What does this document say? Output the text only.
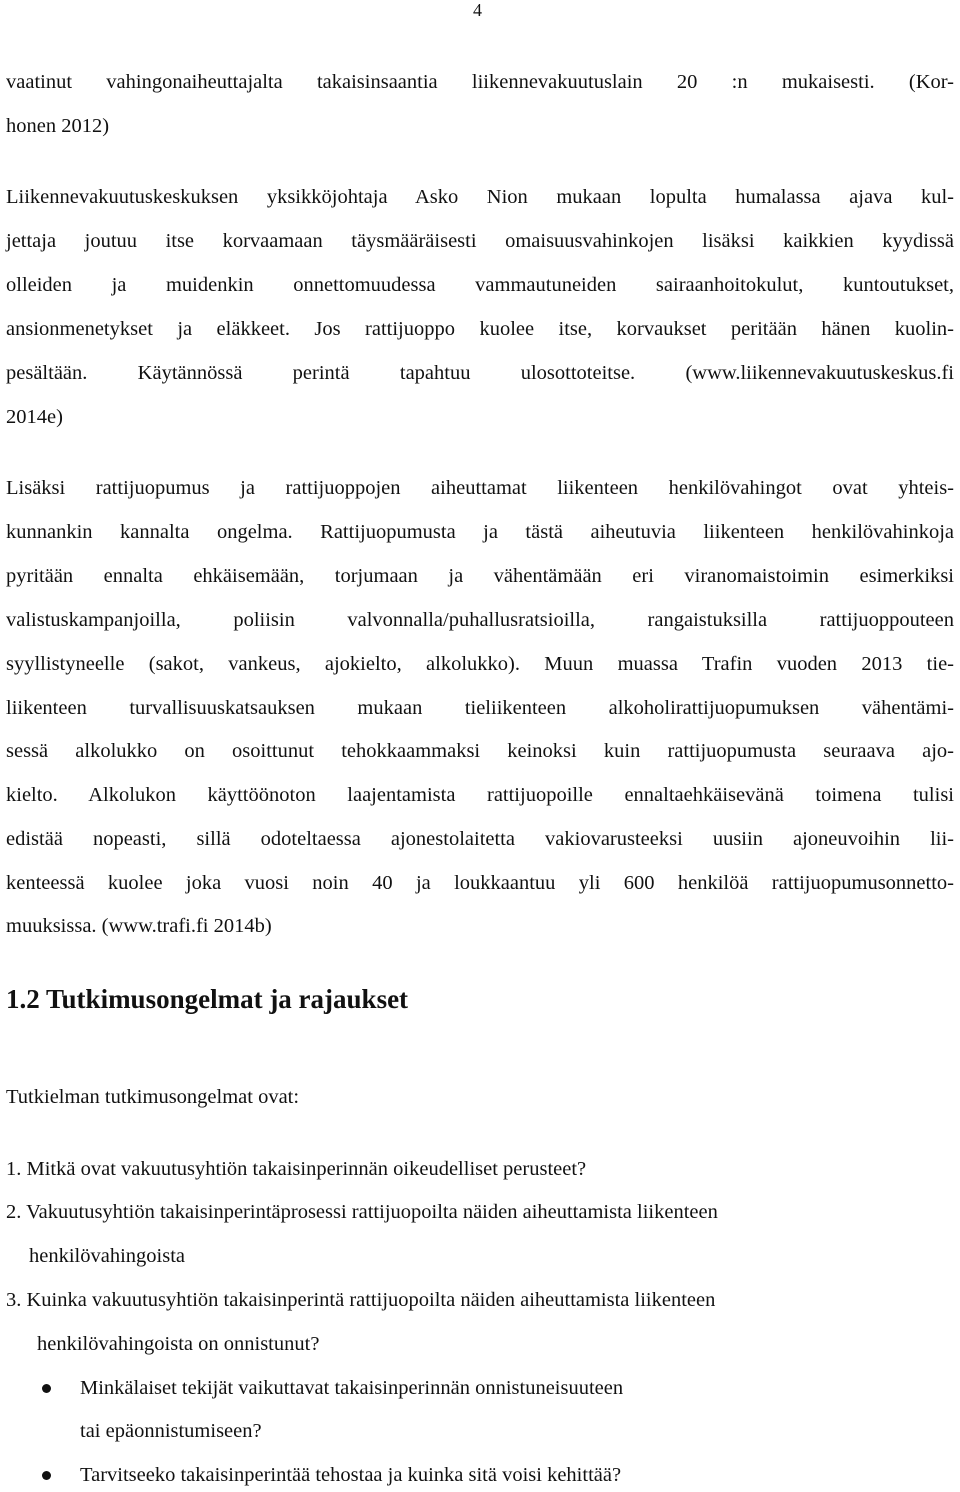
4
vaatinut vahingonaiheuttajalta takaisinsaantia liikennevakuutuslain 20 :n mukaisesti. (Kor-
honen 2012)
Liikennevakuutuskeskuksen yksikköjohtaja Asko Nion mukaan lopulta humalassa ajava kul-
jettaja joutuu itse korvaamaan täysmääräisesti omaisuusvahinkojen lisäksi kaikkien kyydissä
olleiden ja muidenkin onnettomuudessa vammautuneiden sairaanhoitokulut, kuntoutukset,
ansionmenetykset ja eläkkeet. Jos rattijuoppo kuolee itse, korvaukset peritään hänen kuolin-
pesältään. Käytännössä perintä tapahtuu ulosottoteitse. (www.liikennevakuutuskeskus.fi
2014e)
Lisäksi rattijuopumus ja rattijuoppojen aiheuttamat liikenteen henkilövahingot ovat yhteis-
kunnankin kannalta ongelma. Rattijuopumusta ja tästä aiheutuvia liikenteen henkilövahinkoja
pyritään ennalta ehkäisemään, torjumaan ja vähentämään eri viranomaistoimin esimerkiksi
valistuskampanjoilla, poliisin valvonnalla/puhallusratsioilla, rangaistuksilla rattijuoppouteen
syyllistyneelle (sakot, vankeus, ajokielto, alkolukko). Muun muassa Trafin vuoden 2013 tie-
liikenteen turvallisuuskatsauksen mukaan tieliikenteen alkoholirattijuopumuksen vähentämi-
sessä alkolukko on osoittunut tehokkaammaksi keinoksi kuin rattijuopumusta seuraava ajo-
kielto. Alkolukon käyttöönoton laajentamista rattijuopoille ennaltaehkäisevänä toimena tulisi
edistää nopeasti, sillä odoteltaessa ajonestolaitetta vakiovarusteeksi uusiin ajoneuvoihin lii-
kenteessä kuolee joka vuosi noin 40 ja loukkaantuu yli 600 henkilöä rattijuopumusonnetto-
muuksissa. (www.trafi.fi 2014b)
1.2 Tutkimusongelmat ja rajaukset
Tutkielman tutkimusongelmat ovat:
1. Mitkä ovat vakuutusyhtiön takaisinperinnän oikeudelliset perusteet?
2. Vakuutusyhtiön takaisinperintäprosessi rattijuopoilta näiden aiheuttamista liikenteen
henkilövahingoista
3. Kuinka vakuutusyhtiön takaisinperintä rattijuopoilta näiden aiheuttamista liikenteen
henkilövahingoista on onnistunut?
Minkälaiset tekijät vaikuttavat takaisinperinnän onnistuneisuuteen
tai epäonnistumiseen?
Tarvitseeko takaisinperintää tehostaa ja kuinka sitä voisi kehittää?
